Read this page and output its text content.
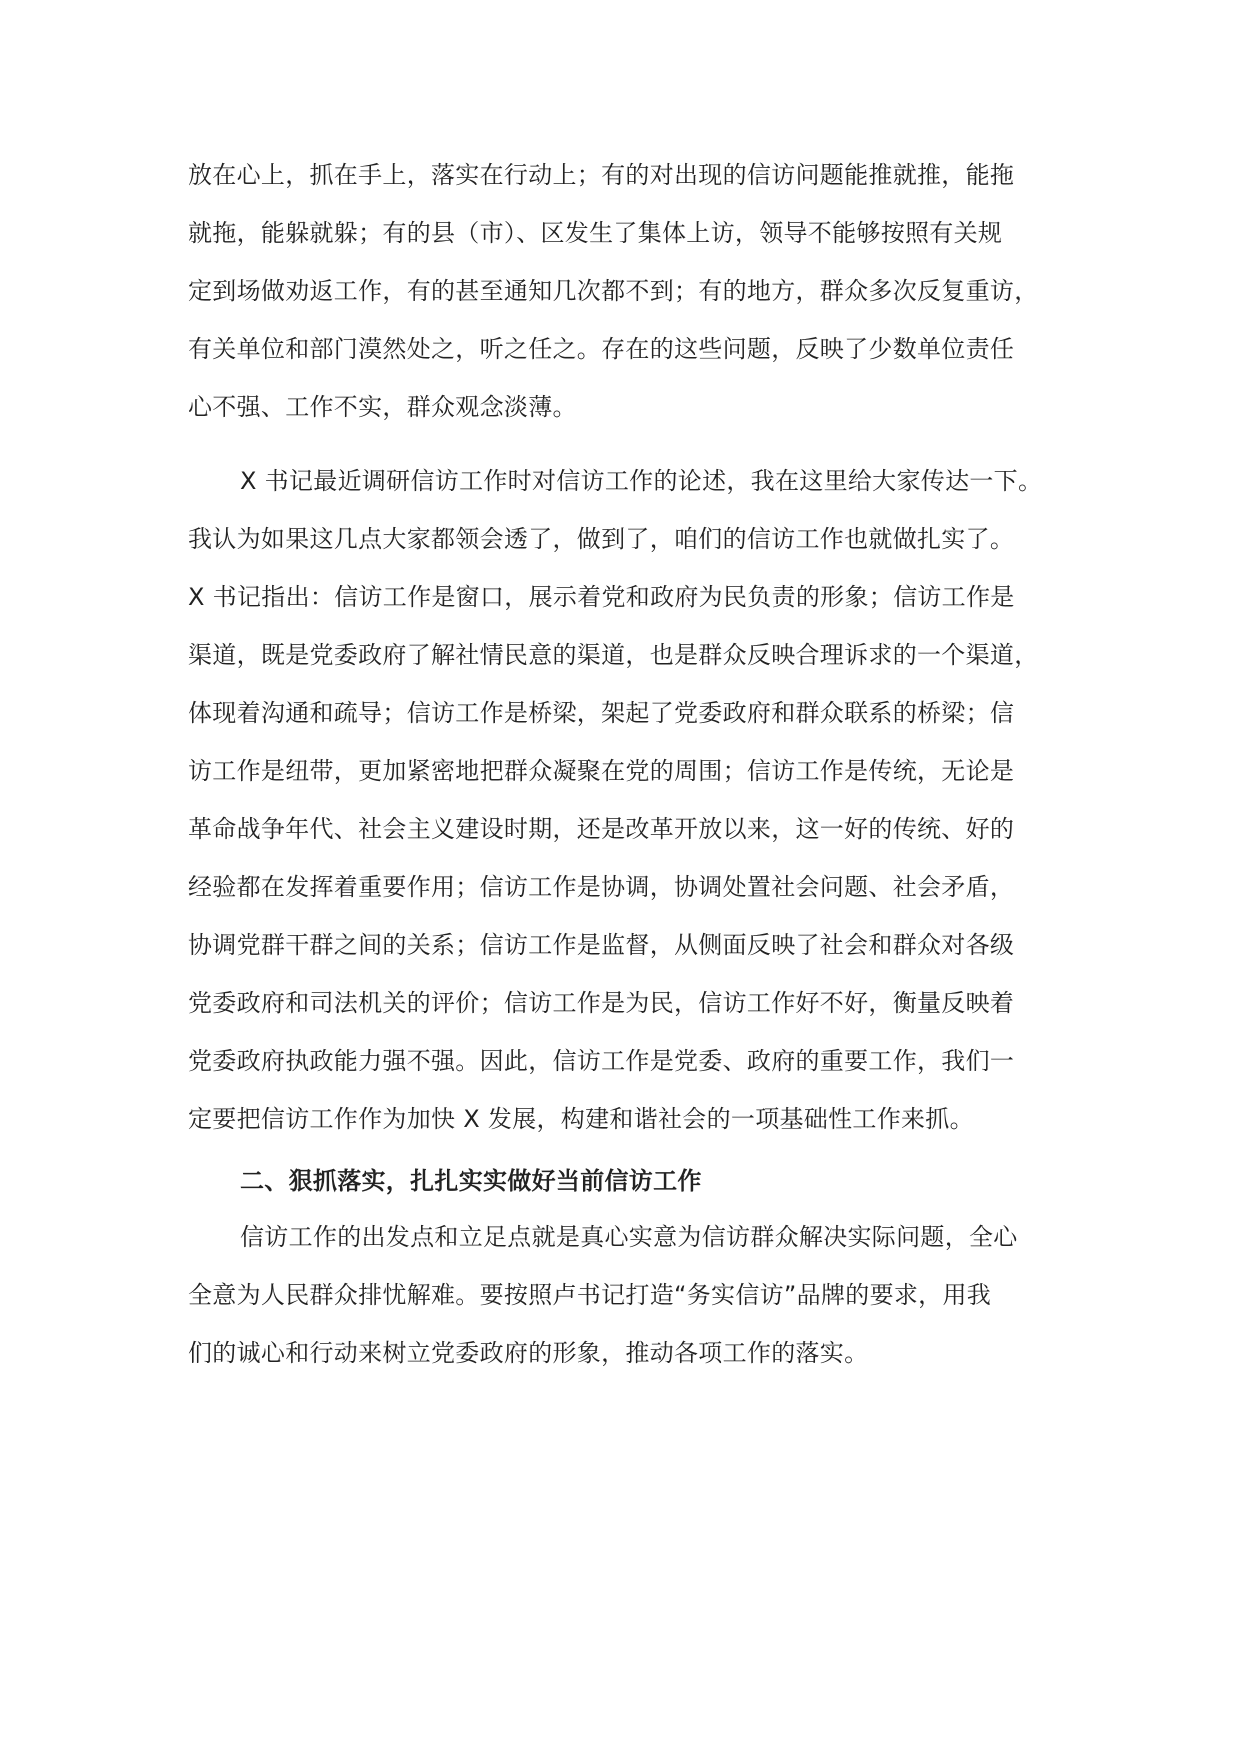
放在心上，抓在手上，落实在行动上；有的对出现的信访问题能推就推，能拖
就拖，能躲就躲；有的县（市）、区发生了集体上访，领导不能够按照有关规
定到场做劝返工作，有的甚至通知几次都不到；有的地方，群众多次反复重访，
有关单位和部门漠然处之，听之任之。存在的这些问题，反映了少数单位责任
心不强、工作不实，群众观念淡薄。
X 书记最近调研信访工作时对信访工作的论述，我在这里给大家传达一下。
我认为如果这几点大家都领会透了，做到了，咱们的信访工作也就做扎实了。
X 书记指出：信访工作是窗口，展示着党和政府为民负责的形象；信访工作是
渠道，既是党委政府了解社情民意的渠道，也是群众反映合理诉求的一个渠道，
体现着沟通和疏导；信访工作是桥梁，架起了党委政府和群众联系的桥梁；信
访工作是纽带，更加紧密地把群众凝聚在党的周围；信访工作是传统，无论是
革命战争年代、社会主义建设时期，还是改革开放以来，这一好的传统、好的
经验都在发挥着重要作用；信访工作是协调，协调处置社会问题、社会矛盾，
协调党群干群之间的关系；信访工作是监督，从侧面反映了社会和群众对各级
党委政府和司法机关的评价；信访工作是为民，信访工作好不好，衡量反映着
党委政府执政能力强不强。因此，信访工作是党委、政府的重要工作，我们一
定要把信访工作作为加快 X 发展，构建和谐社会的一项基础性工作来抓。
二、狠抓落实，扎扎实实做好当前信访工作
信访工作的出发点和立足点就是真心实意为信访群众解决实际问题，全心
全意为人民群众排忧解难。要按照卢书记打造“务实信访”品牌的要求，用我
们的诚心和行动来树立党委政府的形象，推动各项工作的落实。
